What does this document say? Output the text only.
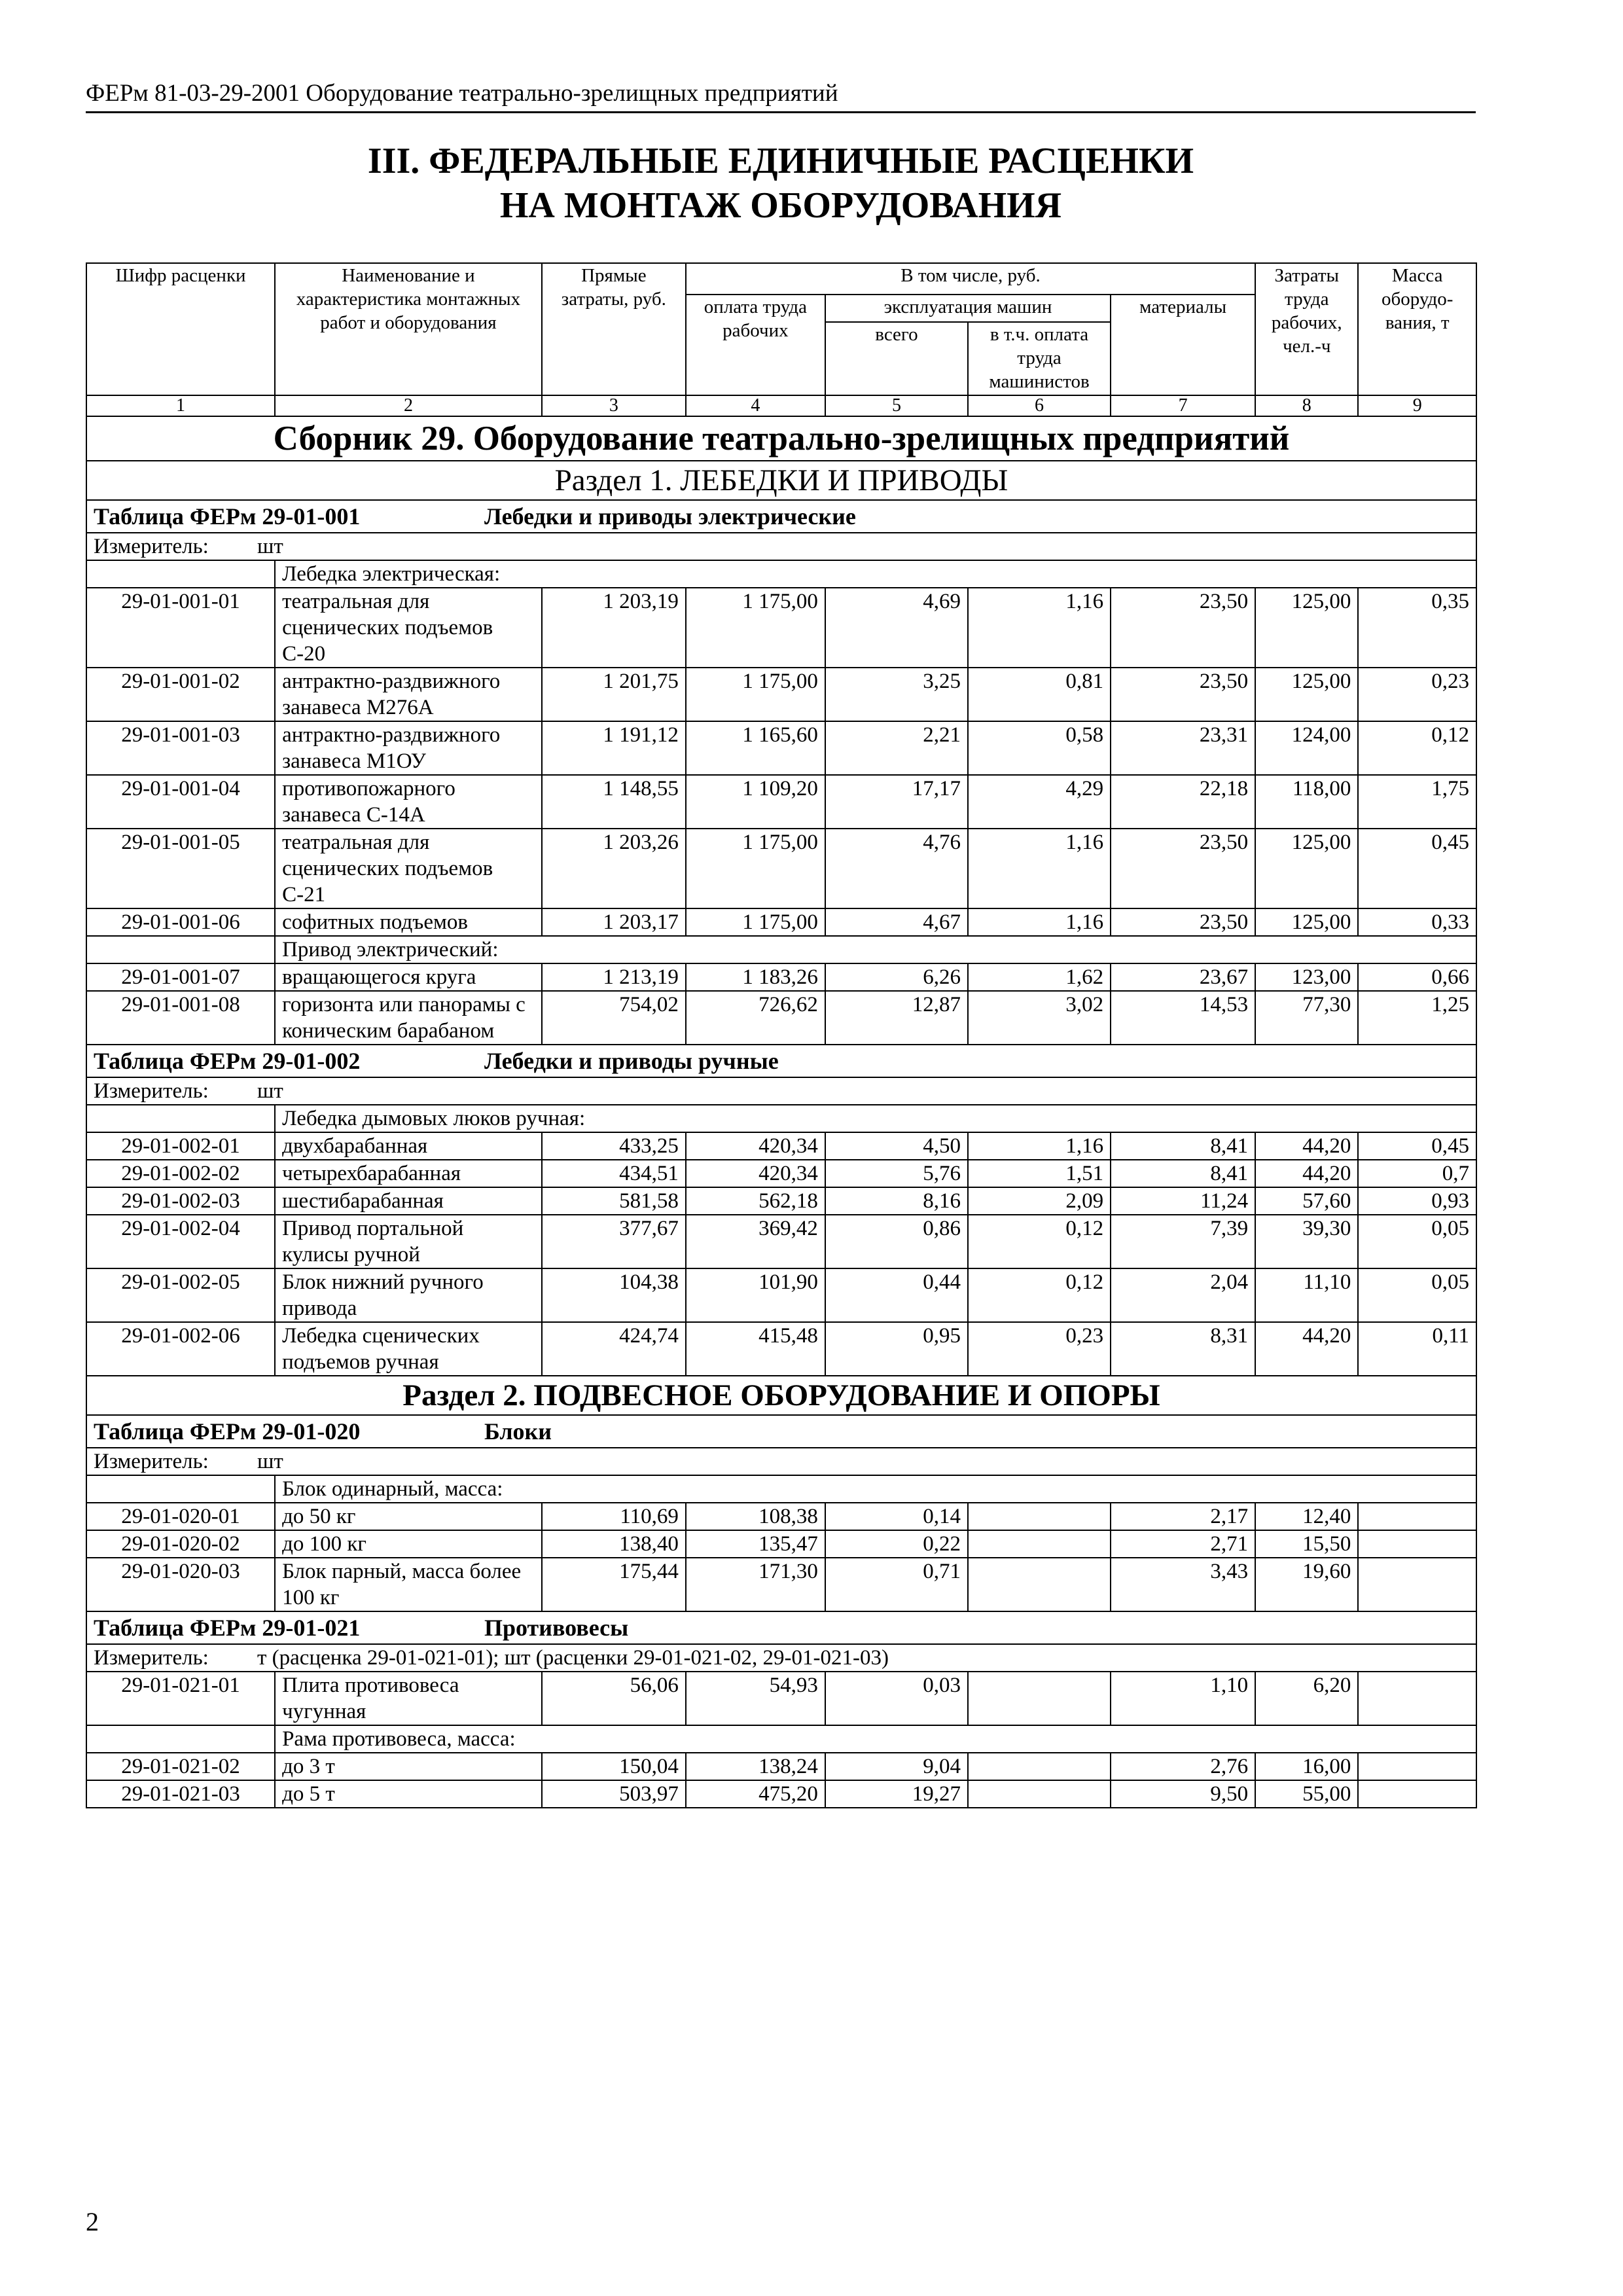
ФЕРм 81-03-29-2001 Оборудование театрально-зрелищных предприятий
III. ФЕДЕРАЛЬНЫЕ ЕДИНИЧНЫЕ РАСЦЕНКИ
НА МОНТАЖ ОБОРУДОВАНИЯ
Шифр расценки	Наименование и характеристика монтажных работ и оборудования	Прямые затраты, руб.	В том числе, руб.				Затраты труда рабочих, чел.-ч	Масса оборудо-вания, т
			оплата труда рабочих	эксплуатация машин		материалы		
				всего	в т.ч. оплата труда машинистов			
1	2	3	4	5	6	7	8	9
Сборник 29. Оборудование театрально-зрелищных предприятий								
Раздел 1. ЛЕБЕДКИ И ПРИВОДЫ								
Таблица ФЕРм 29-01-001 Лебедки и приводы электрические								
Измеритель: шт								
	Лебедка электрическая:							
29-01-001-01	театральная для сценических подъемов С-20	1 203,19	1 175,00	4,69	1,16	23,50	125,00	0,35
29-01-001-02	антрактно-раздвижного занавеса М276А	1 201,75	1 175,00	3,25	0,81	23,50	125,00	0,23
29-01-001-03	антрактно-раздвижного занавеса М1ОУ	1 191,12	1 165,60	2,21	0,58	23,31	124,00	0,12
29-01-001-04	противопожарного занавеса С-14А	1 148,55	1 109,20	17,17	4,29	22,18	118,00	1,75
29-01-001-05	театральная для сценических подъемов С-21	1 203,26	1 175,00	4,76	1,16	23,50	125,00	0,45
29-01-001-06	софитных подъемов	1 203,17	1 175,00	4,67	1,16	23,50	125,00	0,33
	Привод электрический:							
29-01-001-07	вращающегося круга	1 213,19	1 183,26	6,26	1,62	23,67	123,00	0,66
29-01-001-08	горизонта или панорамы с коническим барабаном	754,02	726,62	12,87	3,02	14,53	77,30	1,25
Таблица ФЕРм 29-01-002 Лебедки и приводы ручные								
Измеритель: шт								
	Лебедка дымовых люков ручная:							
29-01-002-01	двухбарабанная	433,25	420,34	4,50	1,16	8,41	44,20	0,45
29-01-002-02	четырехбарабанная	434,51	420,34	5,76	1,51	8,41	44,20	0,7
29-01-002-03	шестибарабанная	581,58	562,18	8,16	2,09	11,24	57,60	0,93
29-01-002-04	Привод портальной кулисы ручной	377,67	369,42	0,86	0,12	7,39	39,30	0,05
29-01-002-05	Блок нижний ручного привода	104,38	101,90	0,44	0,12	2,04	11,10	0,05
29-01-002-06	Лебедка сценических подъемов ручная	424,74	415,48	0,95	0,23	8,31	44,20	0,11
Раздел 2. ПОДВЕСНОЕ ОБОРУДОВАНИЕ И ОПОРЫ								
Таблица ФЕРм 29-01-020 Блоки								
Измеритель: шт								
	Блок одинарный, масса:							
29-01-020-01	до 50 кг	110,69	108,38	0,14		2,17	12,40	
29-01-020-02	до 100 кг	138,40	135,47	0,22		2,71	15,50	
29-01-020-03	Блок парный, масса более 100 кг	175,44	171,30	0,71		3,43	19,60	
Таблица ФЕРм 29-01-021 Противовесы								
Измеритель: т (расценка 29-01-021-01); шт (расценки 29-01-021-02, 29-01-021-03)								
29-01-021-01	Плита противовеса чугунная	56,06	54,93	0,03		1,10	6,20	
	Рама противовеса, масса:							
29-01-021-02	до 3 т	150,04	138,24	9,04		2,76	16,00	
29-01-021-03	до 5 т	503,97	475,20	19,27		9,50	55,00	
2
